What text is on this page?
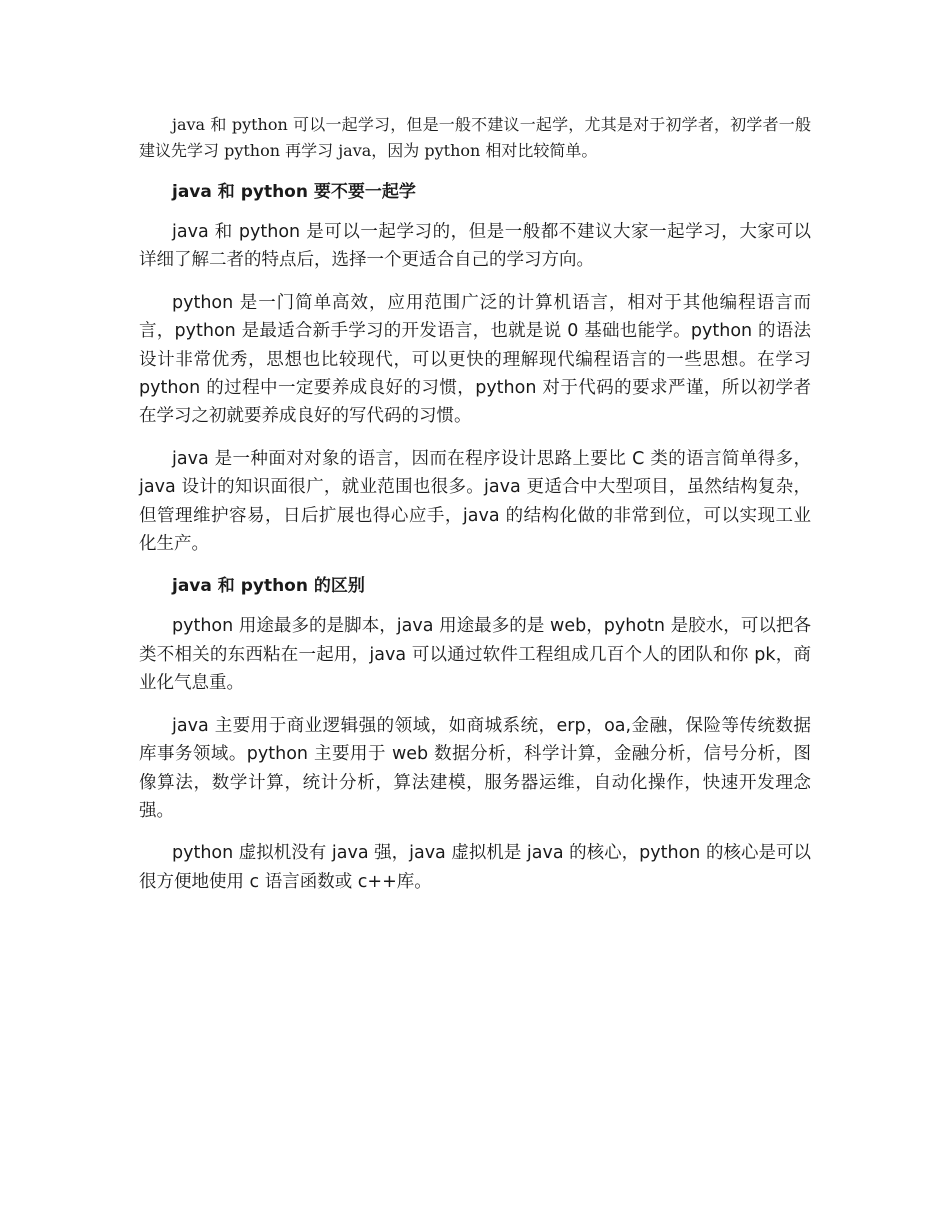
java 和 python 可以一起学习，但是一般不建议一起学，尤其是对于初学者，初学者一般建议先学习 python 再学习 java，因为 python 相对比较简单。

java 和 python 要不要一起学

java 和 python 是可以一起学习的，但是一般都不建议大家一起学习，大家可以详细了解二者的特点后，选择一个更适合自己的学习方向。

python 是一门简单高效，应用范围广泛的计算机语言，相对于其他编程语言而言，python 是最适合新手学习的开发语言，也就是说 0 基础也能学。python 的语法设计非常优秀，思想也比较现代，可以更快的理解现代编程语言的一些思想。在学习 python 的过程中一定要养成良好的习惯，python 对于代码的要求严谨，所以初学者在学习之初就要养成良好的写代码的习惯。

java 是一种面对对象的语言，因而在程序设计思路上要比 C 类的语言简单得多，java 设计的知识面很广，就业范围也很多。java 更适合中大型项目，虽然结构复杂，但管理维护容易，日后扩展也得心应手，java 的结构化做的非常到位，可以实现工业化生产。

java 和 python 的区别

python 用途最多的是脚本，java 用途最多的是 web，pyhotn 是胶水，可以把各类不相关的东西粘在一起用，java 可以通过软件工程组成几百个人的团队和你 pk，商业化气息重。

java 主要用于商业逻辑强的领域，如商城系统，erp，oa,金融，保险等传统数据库事务领域。python 主要用于 web 数据分析，科学计算，金融分析，信号分析，图像算法，数学计算，统计分析，算法建模，服务器运维，自动化操作，快速开发理念强。

python 虚拟机没有 java 强，java 虚拟机是 java 的核心，python 的核心是可以很方便地使用 c 语言函数或 c++库。
